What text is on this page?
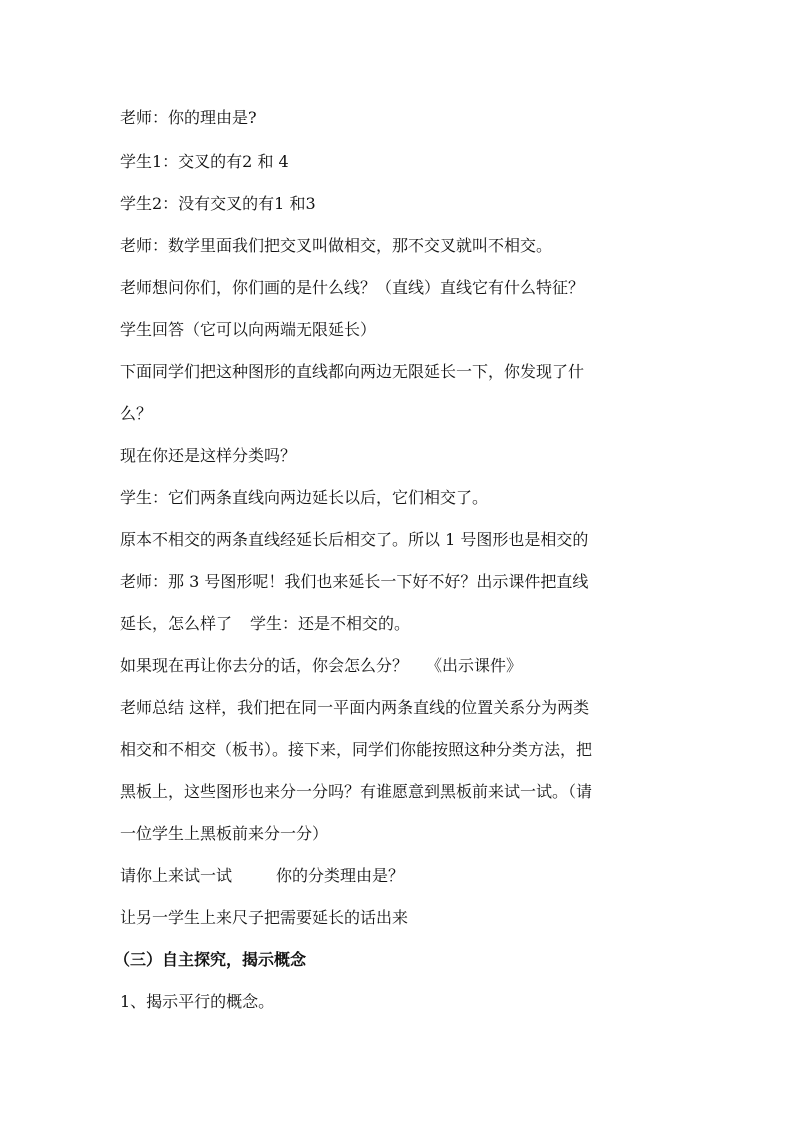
老师：你的理由是?
学生1：交叉的有2 和 4
学生2：没有交叉的有1 和3
老师：数学里面我们把交叉叫做相交，那不交叉就叫不相交。
老师想问你们，你们画的是什么线？（直线）直线它有什么特征？
学生回答（它可以向两端无限延长）
下面同学们把这种图形的直线都向两边无限延长一下，你发现了什
么？
现在你还是这样分类吗？
学生：它们两条直线向两边延长以后，它们相交了。
原本不相交的两条直线经延长后相交了。所以 1 号图形也是相交的
老师：那 3 号图形呢！我们也来延长一下好不好？出示课件把直线
延长，怎么样了 学生：还是不相交的。
如果现在再让你去分的话，你会怎么分？ 《出示课件》
老师总结 这样，我们把在同一平面内两条直线的位置关系分为两类
相交和不相交（板书）。接下来，同学们你能按照这种分类方法，把
黑板上，这些图形也来分一分吗？有谁愿意到黑板前来试一试。（请
一位学生上黑板前来分一分）
请你上来试一试	你的分类理由是？
让另一学生上来尺子把需要延长的话出来
（三）自主探究，揭示概念
1、揭示平行的概念。
